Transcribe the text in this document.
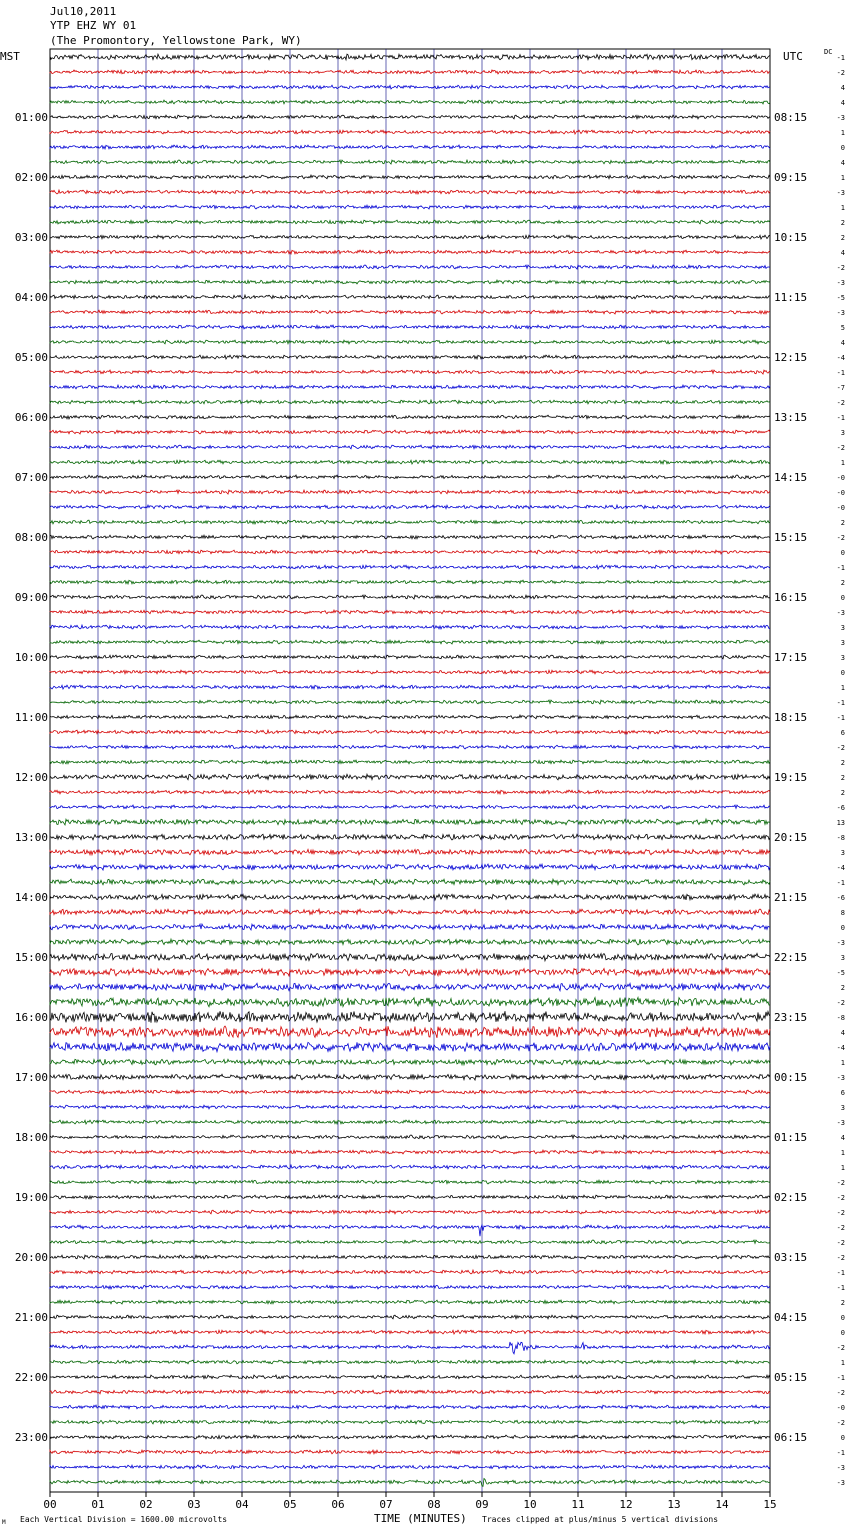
-1
-2
4
4
-3
1
0
4
1
-3
1
2
2
4
-2
-3
-5
-3
5
4
-4
-1
-7
-2
-1
3
-2
1
-0
-0
-0
2
-2
0
-1
2
0
-3
3
3
3
0
1
-1
-1
6
-2
2
2
2
-6
13
-8
3
-4
-1
-6
8
0
-3
3
-5
2
-2
-8
4
-4
1
-3
6
3
-3
4
1
1
-2
-2
-2
-2
-2
-2
-1
-1
2
0
0
-2
1
-1
-2
-0
-2
0
-1
-3
-3
01:00	08:15
02:00	09:15
03:00	10:15
04:00	11:15
05:00	12:15
06:00	13:15
07:00	14:15
08:00	15:15
09:00	16:15
10:00	17:15
11:00	18:15
12:00	19:15
13:00	20:15
14:00	21:15
15:00	22:15
16:00	23:15
17:00	00:15
18:00	01:15
19:00	02:15
20:00	03:15
21:00	04:15
22:00	05:15
23:00	06:15
00	01	02	03	04	05	06	07	08	09	10	11	12	13	14	15
Jul10,2011
YTP EHZ WY 01
(The Promontory, Yellowstone Park, WY)
MST	UTC	DC
M Each Vertical Division = 1600.00 microvolts	TIME (MINUTES) Traces clipped at plus/minus 5 vertical divisions
